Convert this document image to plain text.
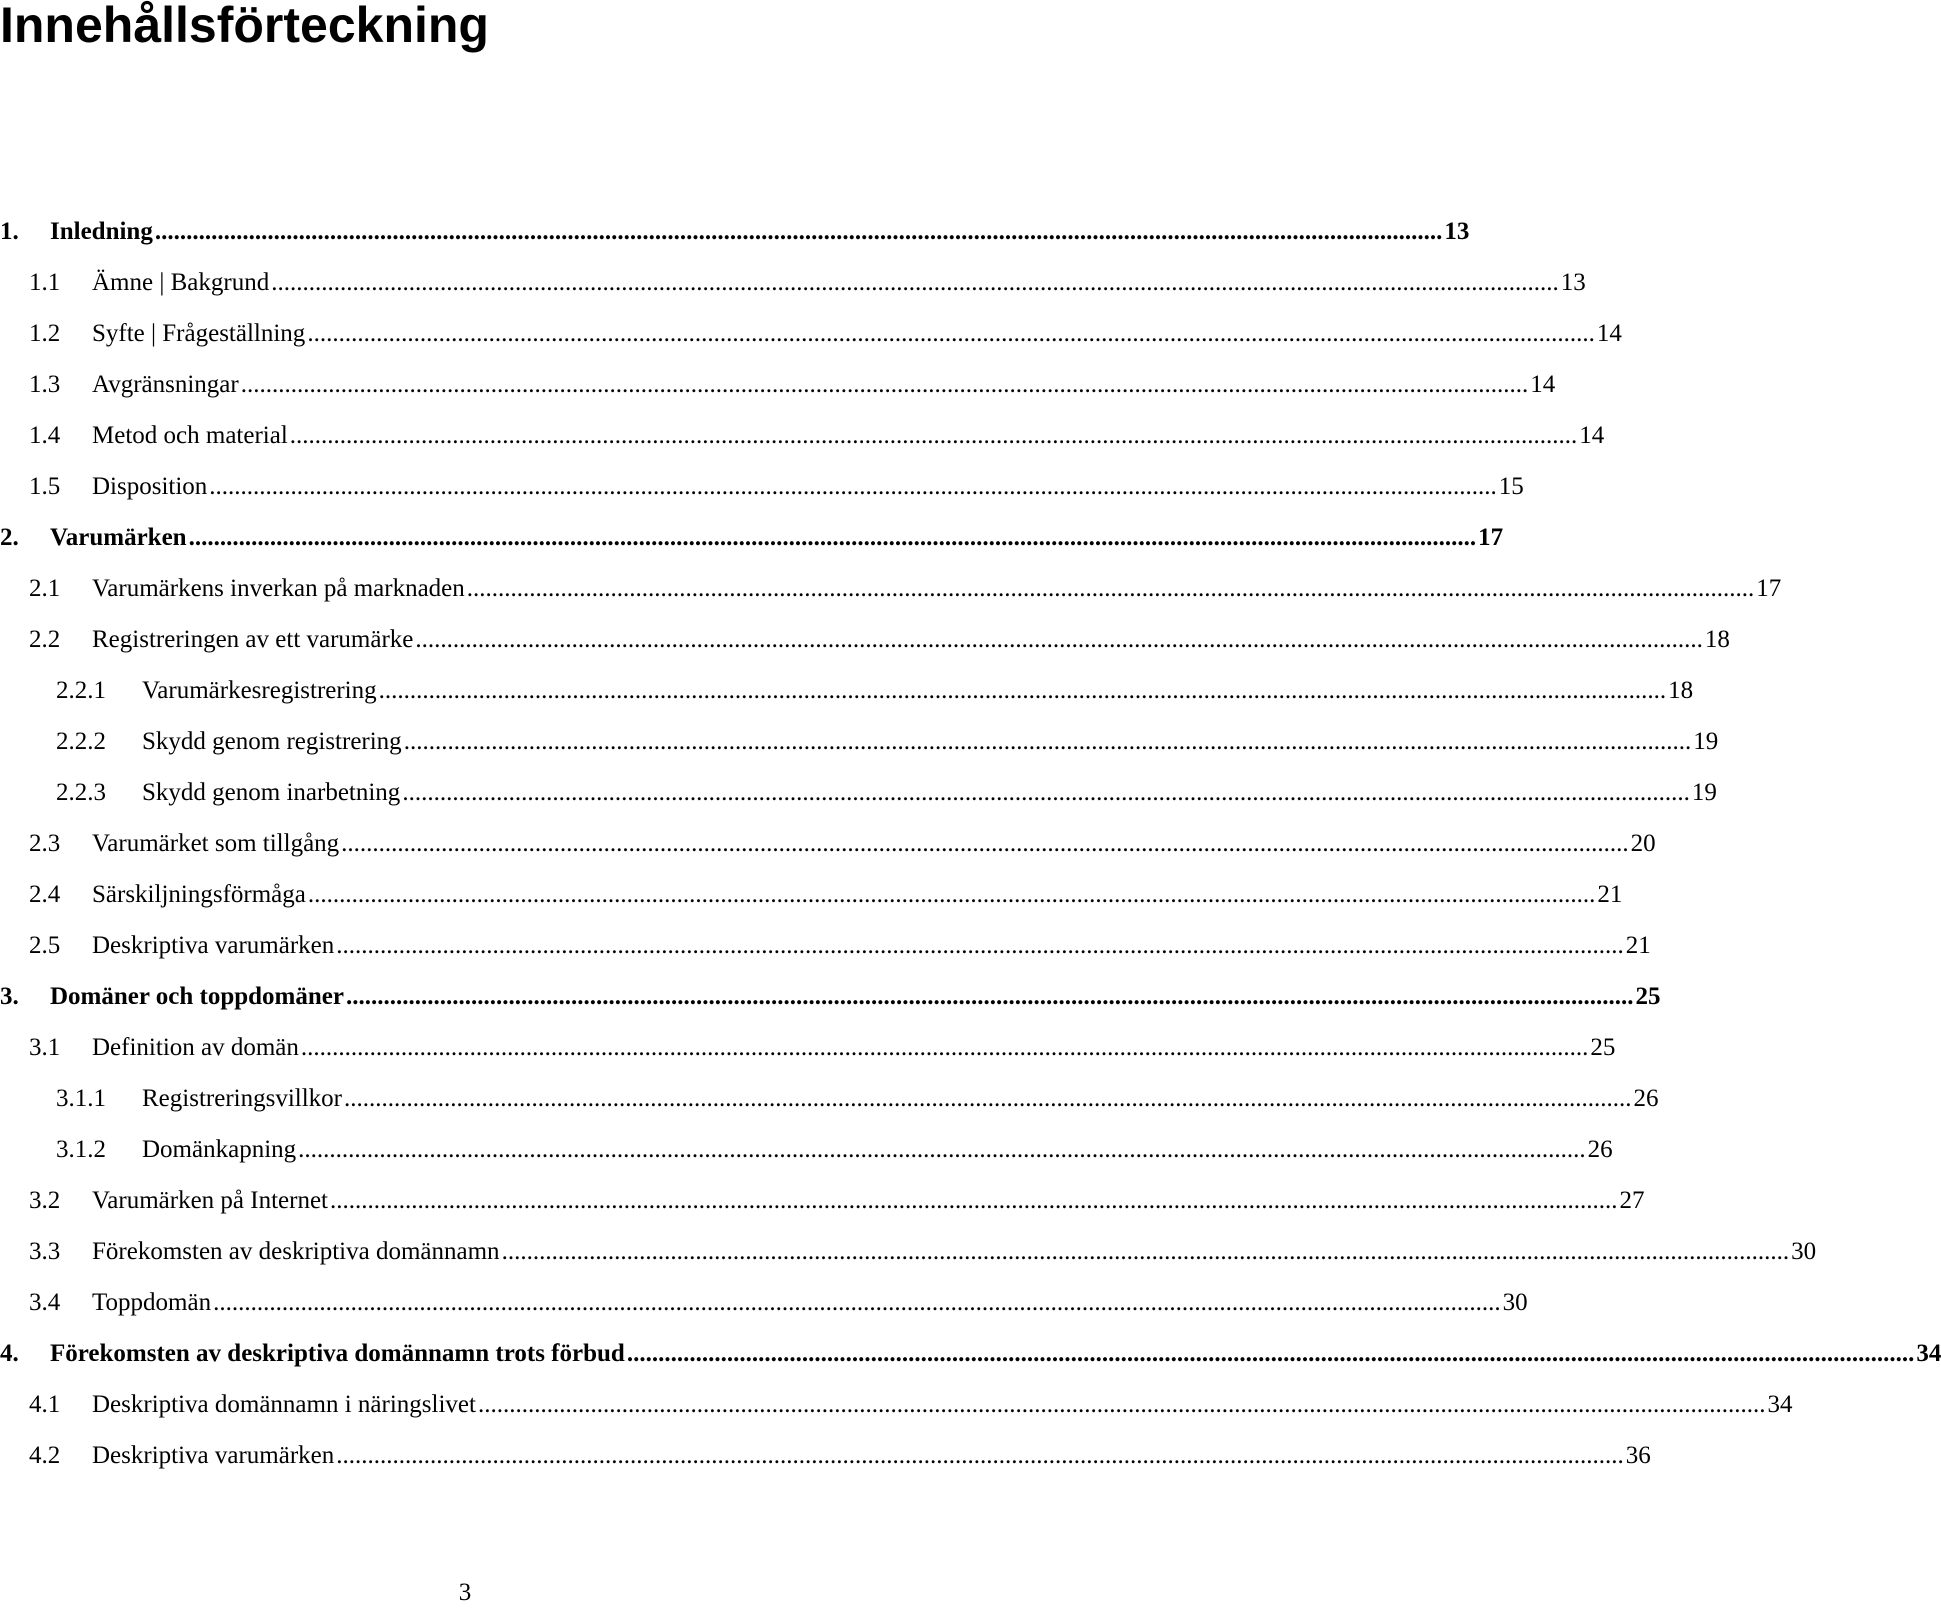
Innehållsförteckning
1.	Inledning .............................................................................................................................................................................................................. 13
1.1	Ämne | Bakgrund .............................................................................................................................................................................................................. 13
1.2	Syfte | Frågeställning .............................................................................................................................................................................................................. 14
1.3	Avgränsningar .............................................................................................................................................................................................................. 14
1.4	Metod och material .............................................................................................................................................................................................................. 14
1.5	Disposition .............................................................................................................................................................................................................. 15
2.	Varumärken .............................................................................................................................................................................................................. 17
2.1	Varumärkens inverkan på marknaden .............................................................................................................................................................................................................. 17
2.2	Registreringen av ett varumärke .............................................................................................................................................................................................................. 18
2.2.1	Varumärkesregistrering .............................................................................................................................................................................................................. 18
2.2.2	Skydd genom registrering .............................................................................................................................................................................................................. 19
2.2.3	Skydd genom inarbetning .............................................................................................................................................................................................................. 19
2.3	Varumärket som tillgång .............................................................................................................................................................................................................. 20
2.4	Särskiljningsförmåga .............................................................................................................................................................................................................. 21
2.5	Deskriptiva varumärken .............................................................................................................................................................................................................. 21
3.	Domäner och toppdomäner .............................................................................................................................................................................................................. 25
3.1	Definition av domän .............................................................................................................................................................................................................. 25
3.1.1	Registreringsvillkor .............................................................................................................................................................................................................. 26
3.1.2	Domänkapning .............................................................................................................................................................................................................. 26
3.2	Varumärken på Internet .............................................................................................................................................................................................................. 27
3.3	Förekomsten av deskriptiva domännamn .............................................................................................................................................................................................................. 30
3.4	Toppdomän .............................................................................................................................................................................................................. 30
4.	Förekomsten av deskriptiva domännamn trots förbud .............................................................................................................................................................................................................. 34
4.1	Deskriptiva domännamn i näringslivet .............................................................................................................................................................................................................. 34
4.2	Deskriptiva varumärken .............................................................................................................................................................................................................. 36
3
